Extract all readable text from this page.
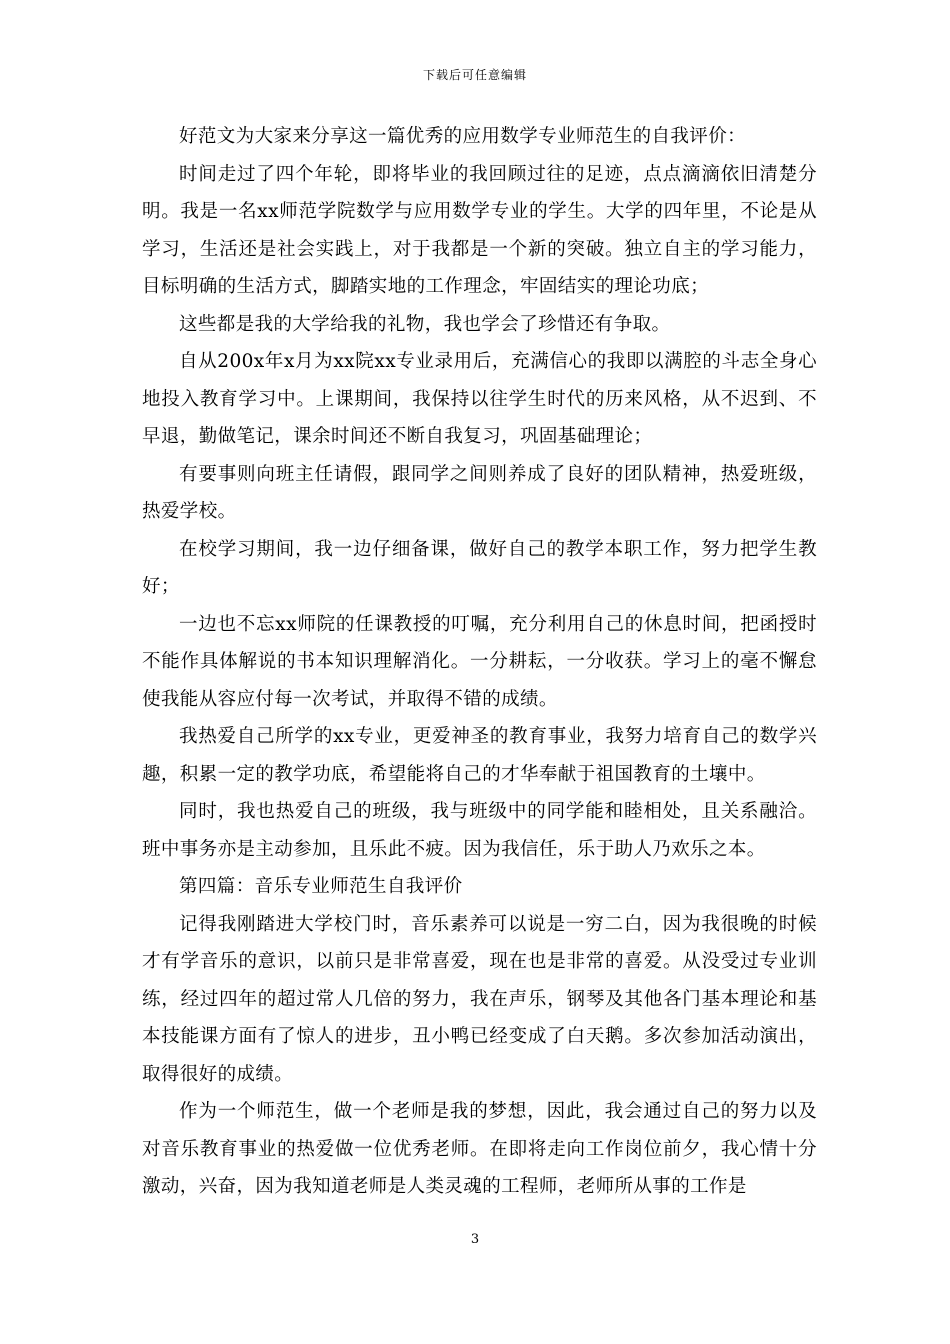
下载后可任意编辑

好范文为大家来分享这一篇优秀的应用数学专业师范生的自我评价：

时间走过了四个年轮，即将毕业的我回顾过往的足迹，点点滴滴依旧清楚分明。我是一名xx师范学院数学与应用数学专业的学生。大学的四年里，不论是从学习，生活还是社会实践上，对于我都是一个新的突破。独立自主的学习能力，目标明确的生活方式，脚踏实地的工作理念，牢固结实的理论功底；

这些都是我的大学给我的礼物，我也学会了珍惜还有争取。

自从200x年x月为xx院xx专业录用后，充满信心的我即以满腔的斗志全身心地投入教育学习中。上课期间，我保持以往学生时代的历来风格，从不迟到、不早退，勤做笔记，课余时间还不断自我复习，巩固基础理论；

有要事则向班主任请假，跟同学之间则养成了良好的团队精神，热爱班级，热爱学校。

在校学习期间，我一边仔细备课，做好自己的教学本职工作，努力把学生教好；

一边也不忘xx师院的任课教授的叮嘱，充分利用自己的休息时间，把函授时不能作具体解说的书本知识理解消化。一分耕耘，一分收获。学习上的毫不懈怠使我能从容应付每一次考试，并取得不错的成绩。

我热爱自己所学的xx专业，更爱神圣的教育事业，我努力培育自己的数学兴趣，积累一定的教学功底，希望能将自己的才华奉献于祖国教育的土壤中。

同时，我也热爱自己的班级，我与班级中的同学能和睦相处，且关系融洽。班中事务亦是主动参加，且乐此不疲。因为我信任，乐于助人乃欢乐之本。

第四篇：音乐专业师范生自我评价

记得我刚踏进大学校门时，音乐素养可以说是一穷二白，因为我很晚的时候才有学音乐的意识，以前只是非常喜爱，现在也是非常的喜爱。从没受过专业训练，经过四年的超过常人几倍的努力，我在声乐，钢琴及其他各门基本理论和基本技能课方面有了惊人的进步，丑小鸭已经变成了白天鹅。多次参加活动演出，取得很好的成绩。

作为一个师范生，做一个老师是我的梦想，因此，我会通过自己的努力以及对音乐教育事业的热爱做一位优秀老师。在即将走向工作岗位前夕，我心情十分激动，兴奋，因为我知道老师是人类灵魂的工程师，老师所从事的工作是

3
